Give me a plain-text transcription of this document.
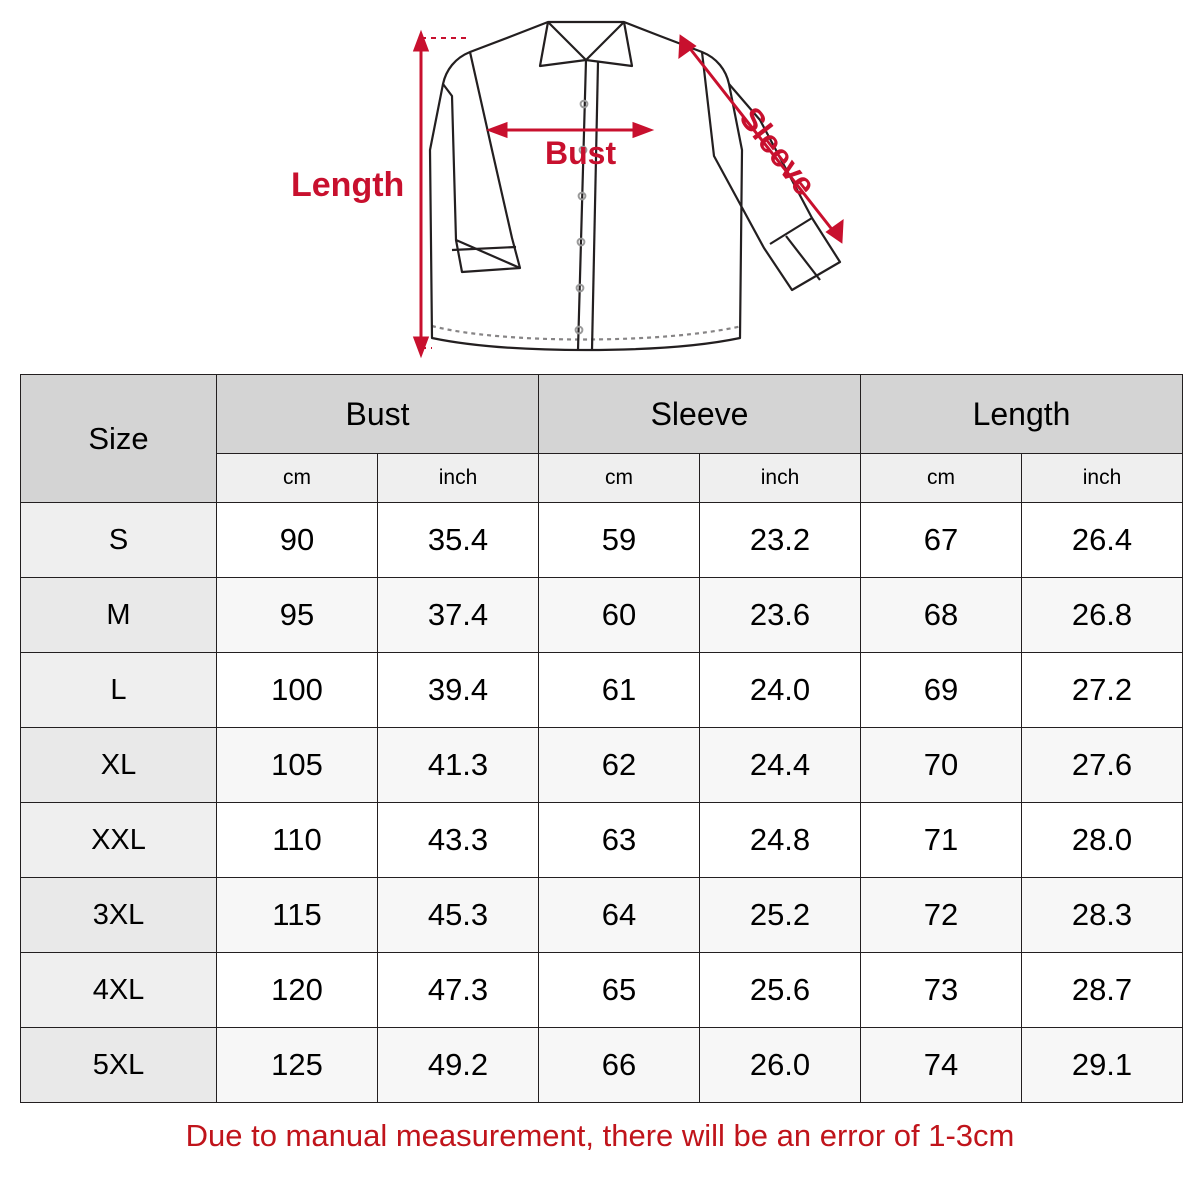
Length
Bust	Sleeve
Size	Bust		Sleeve		Length	
	cm	inch	cm	inch	cm	inch
S	90	35.4	59	23.2	67	26.4
M	95	37.4	60	23.6	68	26.8
L	100	39.4	61	24.0	69	27.2
XL	105	41.3	62	24.4	70	27.6
XXL	110	43.3	63	24.8	71	28.0
3XL	115	45.3	64	25.2	72	28.3
4XL	120	47.3	65	25.6	73	28.7
5XL	125	49.2	66	26.0	74	29.1
Due to manual measurement, there will be an error of 1-3cm
